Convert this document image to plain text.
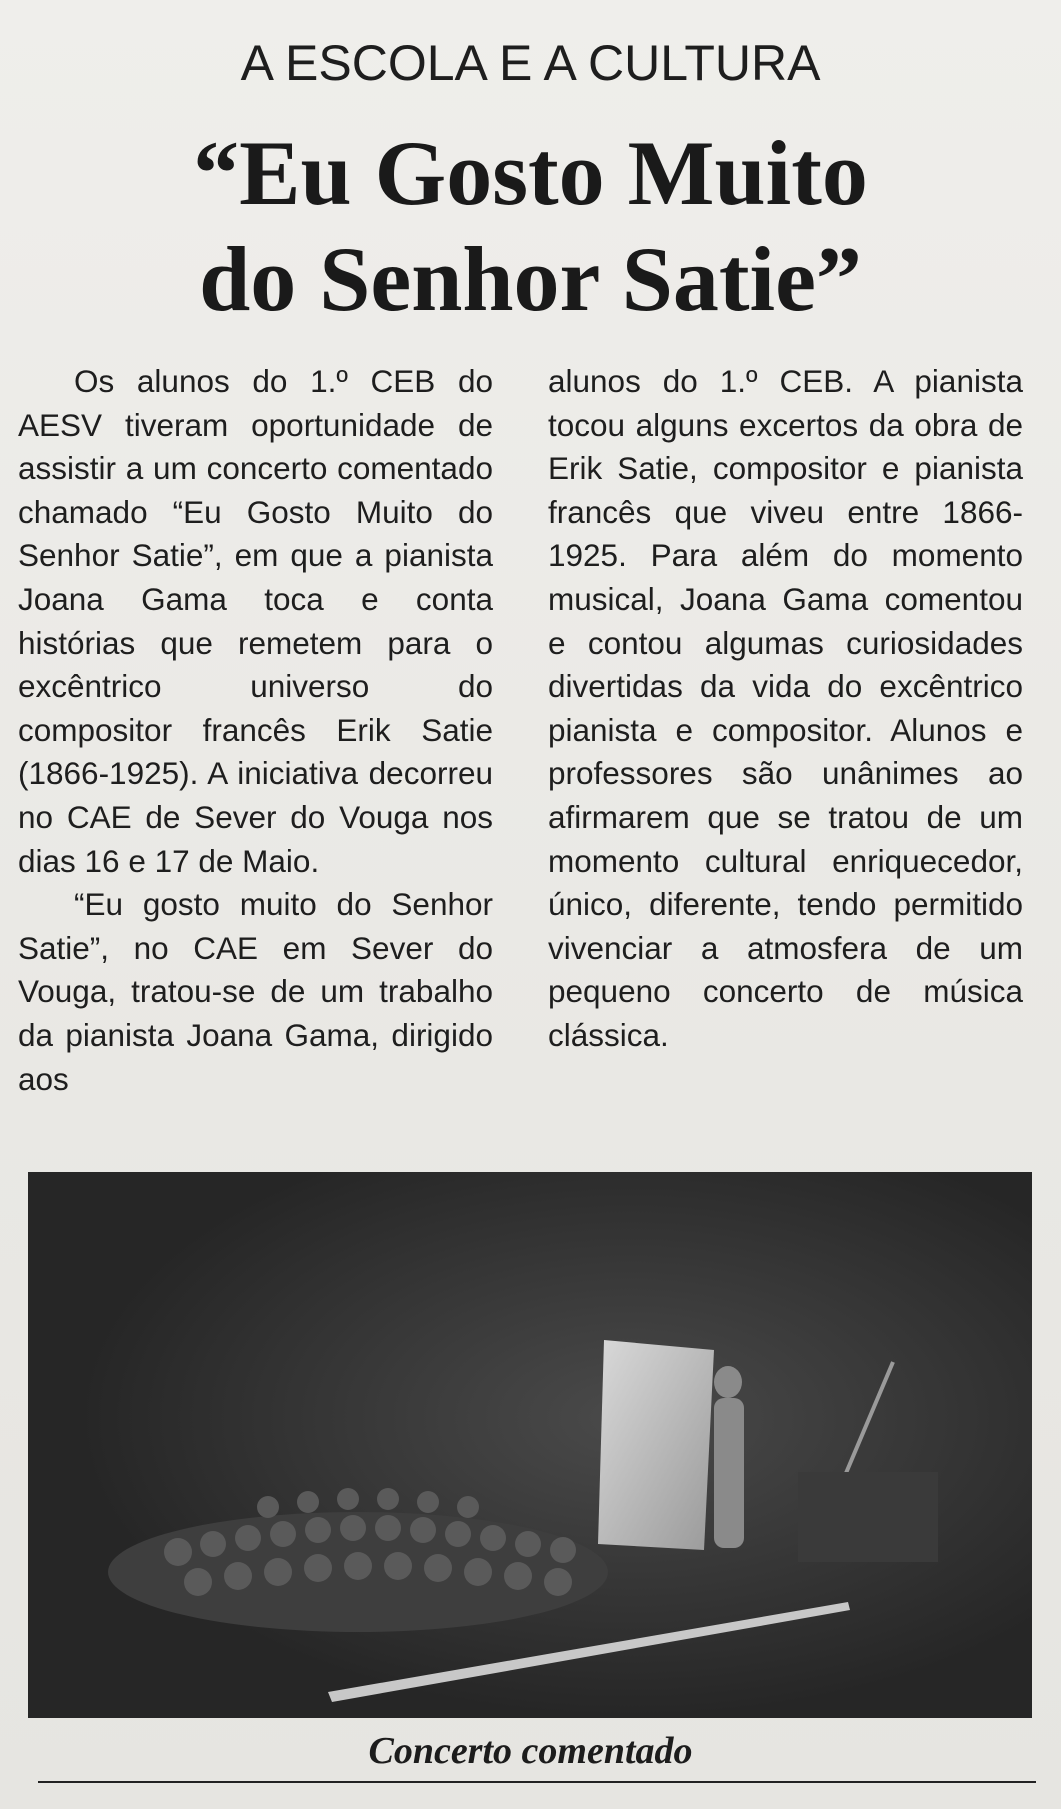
A ESCOLA E A CULTURA
“Eu Gosto Muito
do Senhor Satie”

Os alunos do 1.º CEB do AESV tiveram oportunidade de assistir a um concerto comentado chamado “Eu Gosto Muito do Senhor Satie”, em que a pianista Joana Gama toca e conta histórias que remetem para o excêntrico universo do compositor francês Erik Satie (1866-1925). A iniciativa decorreu no CAE de Sever do Vouga nos dias 16 e 17 de Maio.

“Eu gosto muito do Senhor Satie”, no CAE em Sever do Vouga, tratou-se de um trabalho da pianista Joana Gama, dirigido aos

alunos do 1.º CEB. A pianista tocou alguns excertos da obra de Erik Satie, compositor e pianista francês que viveu entre 1866-1925. Para além do momento musical, Joana Gama comentou e contou algumas curiosidades divertidas da vida do excêntrico pianista e compositor. Alunos e professores são unânimes ao afirmarem que se tratou de um momento cultural enriquecedor, único, diferente, tendo permitido vivenciar a atmosfera de um pequeno concerto de música clássica.

Concerto comentado
